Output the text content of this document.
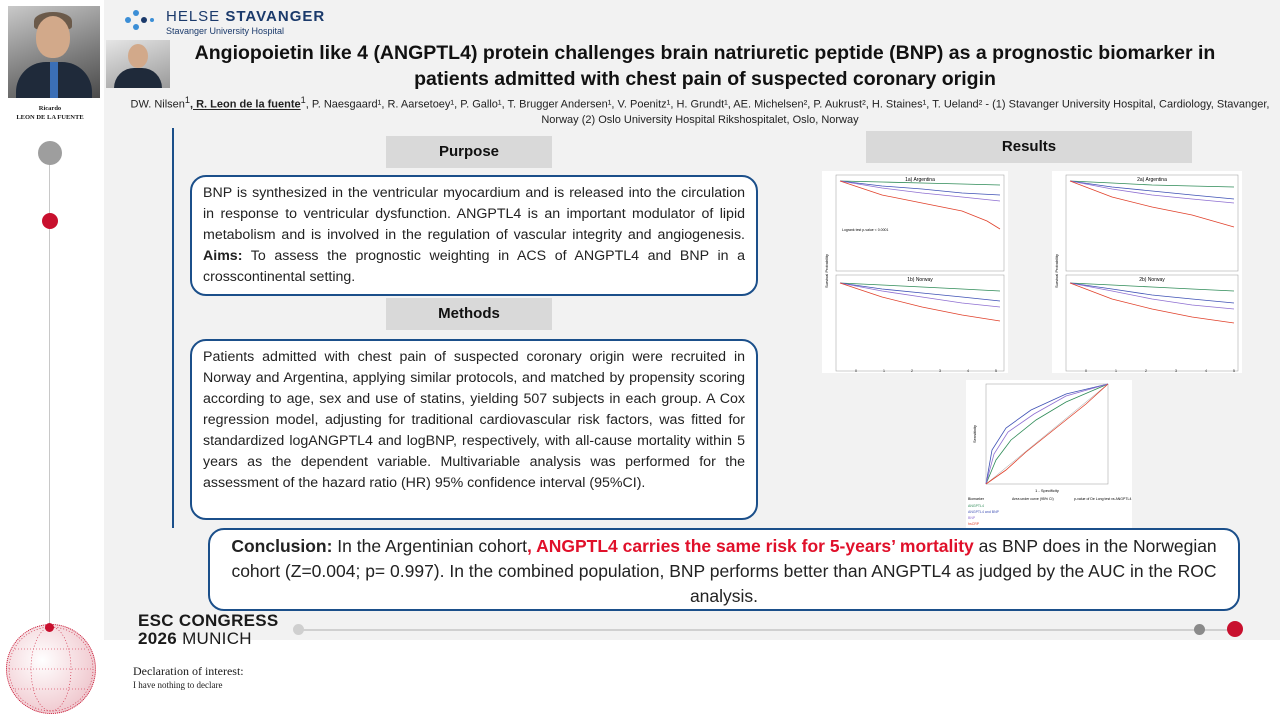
Ricardo
LEON DE LA FUENTE
HELSE STAVANGER
Stavanger University Hospital
Angiopoietin like 4 (ANGPTL4) protein challenges brain natriuretic peptide (BNP) as a prognostic biomarker in patients admitted with chest pain of suspected coronary origin
DW. Nilsen$^1$, R. Leon de la fuente$^1$, P. Naesgaard¹, R. Aarsetoey¹, P. Gallo¹, T. Brugger Andersen¹, V. Poenitz¹, H. Grundt¹, AE. Michelsen², P. Aukrust², H. Staines¹, T. Ueland² - (1) Stavanger University Hospital, Cardiology, Stavanger, Norway (2) Oslo University Hospital Rikshospitalet, Oslo, Norway
Purpose
BNP is synthesized in the ventricular myocardium and is released into the circulation in response to ventricular dysfunction. ANGPTL4 is an important modulator of lipid metabolism and is involved in the regulation of vascular integrity and angiogenesis. Aims: To assess the prognostic weighting in ACS of ANGPTL4 and BNP in a crosscontinental setting.
Methods
Patients admitted with chest pain of suspected coronary origin were recruited in Norway and Argentina, applying similar protocols, and matched by propensity scoring according to age, sex and use of statins, yielding 507 subjects in each group. A Cox regression model, adjusting for traditional cardiovascular risk factors, was fitted for standardized logANGPTL4 and logBNP, respectively, with all-cause mortality within 5 years as the dependent variable. Multivariable analysis was performed for the assessment of the hazard ratio (HR) 95% confidence interval (95%CI).
Results
1a) Argentina
Logrank test p-value < 0.0001
1b) Norway
Survival Probability
0	1	2	3	4	5
2a) Argentina
2b) Norway
Survival Probability
0	1	2	3	4	5
Sensitivity
1 - Specificity
Biomarker	Area under curve (95% CI)	p-value of De Long test vs ANGPTL4
ANGPTL4
ANGPTL4 and BNP
BNP
hsCRP
Conclusion: In the Argentinian cohort, ANGPTL4 carries the same risk for 5-years’ mortality as BNP does in the Norwegian cohort (Z=0.004; p= 0.997). In the combined population, BNP performs better than ANGPTL4 as judged by the AUC in the ROC analysis.
ESC CONGRESS
2026 MUNICH
Declaration of interest:
I have nothing to declare
